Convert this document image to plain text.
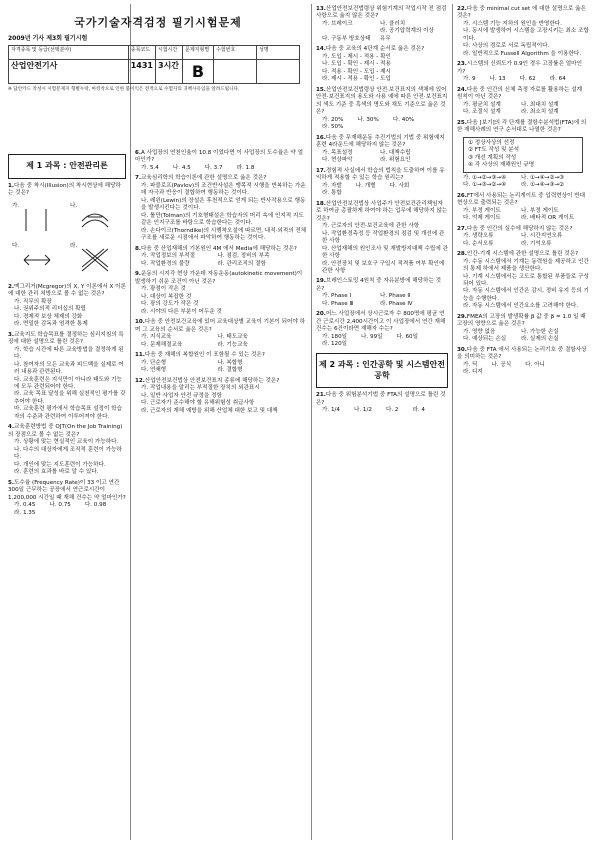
국가기술자격검정 필기시험문제
2009년 기사 제3회 필기시험
자격종목 및 등급(선택분야)	종목코드	시험시간	문제지형별	수험번호	성명
산업안전기사	1431	3시간	B		
※ 답안카드 작성시 시험문제지 형별누락, 마킹착오로 인한 불이익은 전적으로 수험자의 귀책사유임을 알려드립니다.
제 1 과목 : 안전관리론
1.다음 중 착시(Illusion)의 착시현상에 해당하는 것은?
가.	나.
다.	라.
2.맥그리거(Mcgregor)의 X, Y 이론에서 X 이론에 대한 관리 처방으로 볼 수 없는 것은?
가. 직무의 확장
나. 권위주의적 리더십의 확립
다. 경제적 보상 체제의 강화
라. 면밀한 감독과 엄격한 통제
3.교육지도 학습목표를 결정하는 심리지침의 특징에 대한 설명으로 틀린 것은?
가. 학습 시간에 따른 교육방법을 결정하게 된다.
나. 참여자의 모든 교육과 피드백을 실제로 여러 내용과 관련된다.
다. 교육훈련은 지식만이 아니라 태도와 기능에 모두 관련되어야 한다.
라. 교육 목표 달성을 위해 실천적인 평가를 갖추어야 한다.
마. 교육훈련 평가에서 학습목표 설정이 학습자의 수준과 관련하여 이루어져야 한다.
4.교육훈련방법 중 OJT(On the Job Training)의 장점으로 볼 수 없는 것은?
가. 상황에 맞는 현실적인 교육이 가능하다.
나. 다수의 대상자에게 조직적 훈련이 가능하다.
다. 개인에 맞는 지도훈련이 가능하다.
라. 훈련의 효과를 바로 알 수 있다.
5.도수율 (Frequency Rate)이 33 이고 연간 300일 근무하는 공장에서 연근로시간이 1,200,000 시간일 때 재해 건수는 약 얼마인가?
가. 0.45	나. 0.75	다. 0.98라. 1.35
6.A 사업장의 연천인율이 10.8 이었다면 이 사업장의 도수율은 약 얼마인가?
가. 5.4	나. 4.5	다. 3.7	라. 1.8
7.교육심리학의 학습이론에 관한 설명으로 옳은 것은?
가. 파블로프(Pavlov)의 조건반사설은 맹목적 시행을 반복하는 가운데 자극과 반응이 결합하여 행동하는 것이다.
나. 레윈(Lewin)의 장설은 후천적으로 얻게 되는 반사작용으로 행동을 발생시킨다는 것이다.
다. 톨만(Tolman)의 기호형태설은 학습자의 머리 속에 인지적 지도 같은 인지구조를 바탕으로 학습한다는 것이다.
라. 손다이크(Thorndike)의 시행착오설에 따르면, 내적·외적의 전체구조를 새로운 시점에서 파악하여 행동하는 것이다.
8.다음 중 산업재해의 기본원인 4M 에서 Media에 해당하는 것은?
가. 작업정보의 부적절	나. 점검, 정비의 부족다. 작업환경의 불량	라. 관리조직의 결함
9.운동의 시지각 현상 가운데 자동운동(autokinetic movement)이 발생하기 쉬운 조건이 아닌 것은?
가. 광점이 작은 것
나. 대상이 복잡한 것
다. 광의 강도가 작은 것
라. 시야의 다른 부분이 어두운 것
10.다음 중 안전보건교육에 있어 교육대상별 교육이 기본이 되어야 하며 그 교육의 순서로 옳은 것은?
가. 지식교육	나. 태도교육다. 문제해결교육	라. 기능교육
11.다음 중 재해의 복합원인 이 포함될 수 있는 것은?
가. 단순형	나. 복합형다. 연쇄형	라. 결합형
12.산업안전보건법상 안전보건표지 종류에 해당하는 것은?
가. 작업내용을 알리는 부적절한 장치의 외관표시
나. 일반 사업자 안전 규정을 정함
다. 근로자가 준수해야 할 유해위험성 취급사항
라. 근로자의 재해 예방을 위해 산업체 대한 보고 및 대책
13.산업안전보건법령상 위험기계의 작업시작 전 점검사항으로 옳지 않은 것은?
가. 브레이크	나. 클러치다. 구동부 방호상태라. 공기압력계의 이상유무
14.다음 중 교육의 4단계 순서로 옳은 것은?
가. 도입 - 제시 - 적용 - 확인
나. 도입 - 확인 - 제시 - 적용
다. 적용 - 확인 - 도입 - 제시
라. 제시 - 적용 - 확인 - 도입
15.산업안전보건법령상 안전·보건표지의 색채에 있어 안전·보건표지의 용도와 사용 예에 따른 안전·보건표지의 색도 기준 중 흑색의 명도와 채도 기준으로 옳은 것은?
가. 20%	나. 30%	다. 40%라. 50%
16.다음 중 무재해운동 추진기법의 기법 중 위험예지훈련 4라운드에 해당하지 않는 것은?
가. 목표설정	나. 대책수립다. 현상파악	라. 위험요인
17.경험적 사실에서 학습의 법칙을 도출하여 이를 유익하게 적용할 수 있는 학습 원리는?
가. 자발	나. 개별	다. 사회라. 통합
18.산업안전보건법상 사업주가 안전보건관리책임자로 하여금 총괄하게 하여야 하는 업무에 해당하지 않는 것은?
가. 근로자의 안전·보건교육에 관한 사항
나. 작업환경측정 등 작업환경의 점검 및 개선에 관한 사항
다. 산업재해의 원인조사 및 재발방지대책 수립에 관한 사항
라. 안전장치 및 보호구 구입시 적격품 여부 확인에 관한 사항
19.브레인스토밍 4원칙 중 자유분방에 해당하는 것은?
가. Phase Ⅰ	나. Phase Ⅱ다. Phase Ⅲ	라. Phase Ⅳ
20.어느 사업장에서 상시근로자 수 800명에 평균 연간 근로시간 2,400시간이고 이 사업장에서 연간 재해건수는 6건이라면 재해자 수는?
가. 180일	나. 99일	다. 60일라. 120일
제 2 과목 : 인간공학 및 시스템안전공학
21.다음 중 위험분석기법 중 FTA의 설명으로 틀린 것은?
가. 1/4	나. 1/2	다. 2	라. 4
22.다음 중 minimal cut set 에 대한 설명으로 옳은 것은?
가. 시스템 기능 저하의 원인을 반영한다.
나. 동시에 발생하여 시스템을 고장시키는 최소 조합이다.
다. 사상의 경로로 서로 독립적이다.
라. 일반적으로 Fussell Algorithm 을 이용한다.
23.시스템의 신뢰도가 0.9인 경우 고장률은 얼마인가?
가. 9	나. 13	다. 62	라. 64
24.다음 중 인간의 신체 측정 자료를 활용하는 설계 원칙이 아닌 것은?
가. 평균치 설계	나. 최대치 설계다. 조절식 설계	라. 최소치 설계
25.다음 [보기]의 각 단계를 결함수분석법(FTA)에 의한 재해사례의 연구 순서대로 나열한 것은?
① 정상사상의 선정
② FT도 작성 및 분석
③ 개선 계획의 작성
④ 각 사상의 재해원인 규명
가. ①→②→③→④	나. ①→④→②→③다. ①→③→②→④	라. ①→④→③→②
26.FT에서 사용되는 논리게이트 중 입력현상이 반대현상으로 출력되는 것은?
가. 부정 게이트	나. 부정 게이트다. 억제 게이트	라. 배타적 OR 게이트
27.다음 중 인간의 실수에 해당하지 않는 것은?
가. 생략오류	나. 시간지연오류다. 순서오류	라. 기억오류
28.인간-기계 시스템에 관한 설명으로 틀린 것은?
가. 수동 시스템에서 기계는 동력원을 제공하고 인간의 통제 하에서 제품을 생산한다.
나. 기계 시스템에서는 고도로 통합된 부품들로 구성되어 있다.
다. 자동 시스템에서 인간은 감시, 정비 유지 등의 기능을 수행한다.
라. 자동 시스템에서 인간요소를 고려해야 한다.
29.FMEA의 고장의 발생확률 β 값 중 β = 1.0 일 때 고장의 영향으로 옳은 것은?
가. 영향 없음	나. 가능한 손실다. 예상되는 손실	라. 실제의 손실
30.다음 중 FTA 에서 사용되는 논리기호 중 결함사상을 의미하는 것은?
가. 딕	나. 공식	다. 아니라. 디지
